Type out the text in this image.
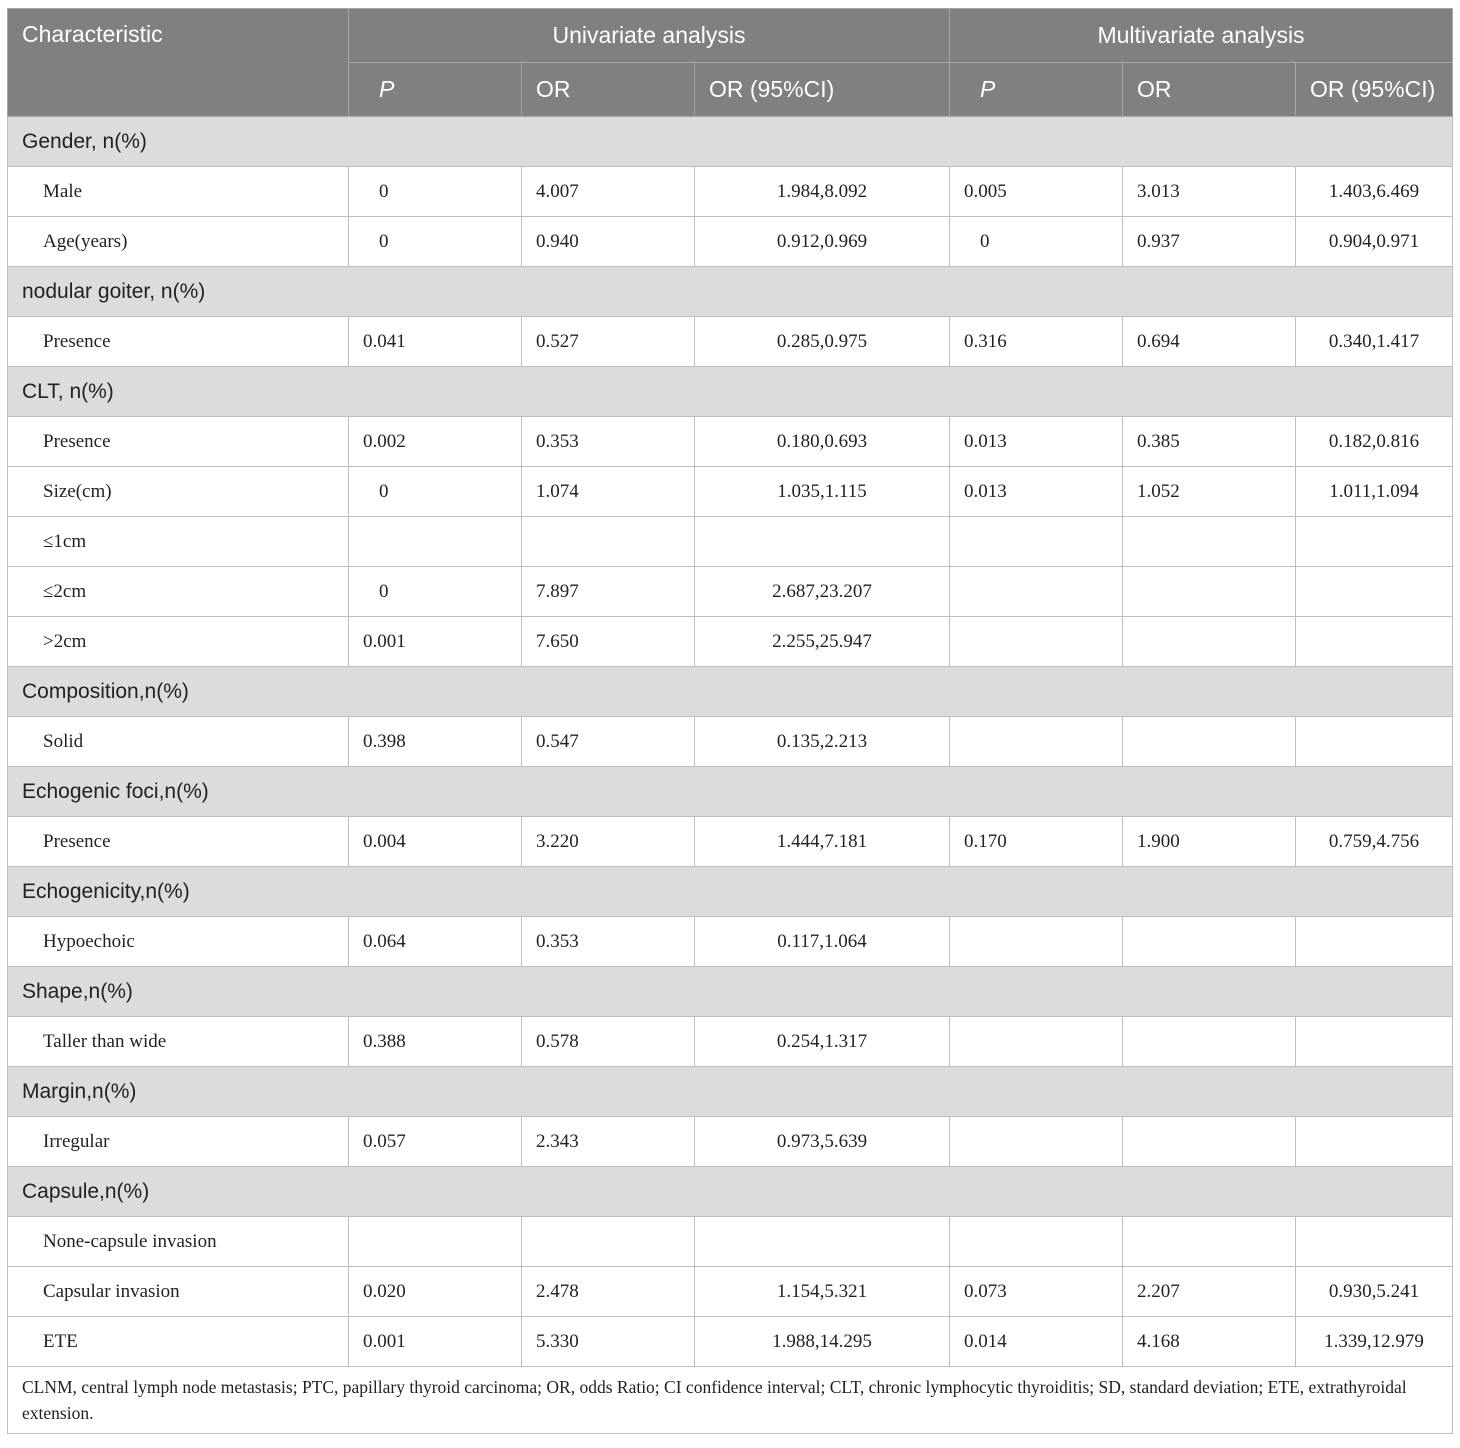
Characteristic	Univariate analysis			Multivariate analysis		
	P	OR	OR (95%CI)	P	OR	OR (95%CI)
Gender, n(%)						
Male	0	4.007	1.984,8.092	0.005	3.013	1.403,6.469
Age(years)	0	0.940	0.912,0.969	0	0.937	0.904,0.971
nodular goiter, n(%)						
Presence	0.041	0.527	0.285,0.975	0.316	0.694	0.340,1.417
CLT, n(%)						
Presence	0.002	0.353	0.180,0.693	0.013	0.385	0.182,0.816
Size(cm)	0	1.074	1.035,1.115	0.013	1.052	1.011,1.094
≤1cm						
≤2cm	0	7.897	2.687,23.207			
>2cm	0.001	7.650	2.255,25.947			
Composition,n(%)						
Solid	0.398	0.547	0.135,2.213			
Echogenic foci,n(%)						
Presence	0.004	3.220	1.444,7.181	0.170	1.900	0.759,4.756
Echogenicity,n(%)						
Hypoechoic	0.064	0.353	0.117,1.064			
Shape,n(%)						
Taller than wide	0.388	0.578	0.254,1.317			
Margin,n(%)						
Irregular	0.057	2.343	0.973,5.639			
Capsule,n(%)						
None-capsule invasion						
Capsular invasion	0.020	2.478	1.154,5.321	0.073	2.207	0.930,5.241
ETE	0.001	5.330	1.988,14.295	0.014	4.168	1.339,12.979
CLNM, central lymph node metastasis; PTC, papillary thyroid carcinoma; OR, odds Ratio; CI confidence interval; CLT, chronic lymphocytic thyroiditis; SD, standard deviation; ETE, extrathyroidal extension.						
